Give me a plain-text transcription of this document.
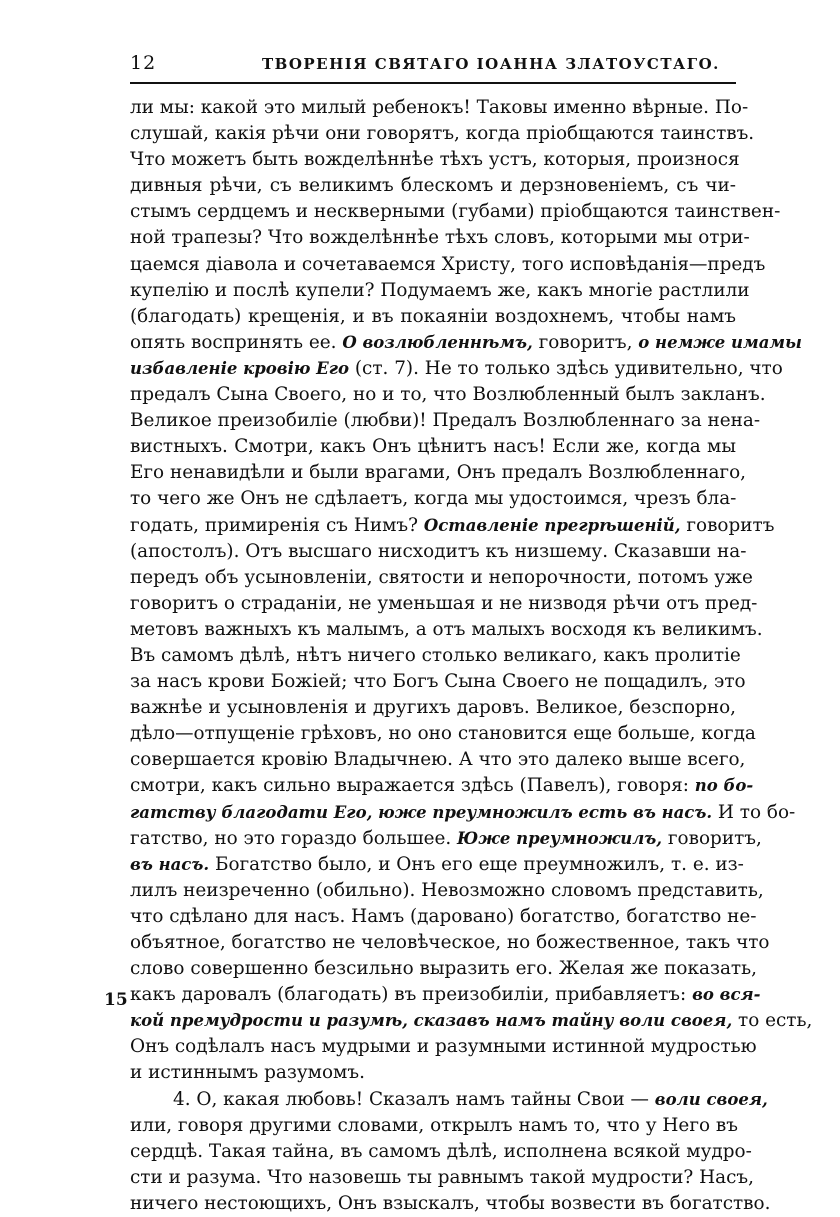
12	ТВОРЕНІЯ СВЯТАГО ІОАННА ЗЛАТОУСТАГО.
15
ли мы: какой это милый ребенокъ! Таковы именно вѣрные. По-
слушай, какія рѣчи они говорятъ, когда пріобщаются таинствъ.
Что можетъ быть вожделѣннѣе тѣхъ устъ, которыя, произнося
дивныя рѣчи, съ великимъ блескомъ и дерзновеніемъ, съ чи-
стымъ сердцемъ и нескверными (губами) пріобщаются таинствен-
ной трапезы? Что вожделѣннѣе тѣхъ словъ, которыми мы отри-
цаемся діавола и сочетаваемся Христу, того исповѣданія—предъ
купелію и послѣ купели? Подумаемъ же, какъ многіе растлили
(благодать) крещенія, и въ покаяніи воздохнемъ, чтобы намъ
опять воспринять ее. О возлюбленнѣмъ, говоритъ, о немже имамы
избавленіе кровію Его (ст. 7). Не то только здѣсь удивительно, что
предалъ Сына Своего, но и то, что Возлюбленный былъ закланъ.
Великое преизобиліе (любви)! Предалъ Возлюбленнаго за нена-
вистныхъ. Смотри, какъ Онъ цѣнитъ насъ! Если же, когда мы
Его ненавидѣли и были врагами, Онъ предалъ Возлюбленнаго,
то чего же Онъ не сдѣлаетъ, когда мы удостоимся, чрезъ бла-
годать, примиренія съ Нимъ? Оставленіе прегрѣшеній, говоритъ
(апостолъ). Отъ высшаго нисходитъ къ низшему. Сказавши на-
передъ объ усыновленіи, святости и непорочности, потомъ уже
говоритъ о страданіи, не уменьшая и не низводя рѣчи отъ пред-
метовъ важныхъ къ малымъ, а отъ малыхъ восходя къ великимъ.
Въ самомъ дѣлѣ, нѣтъ ничего столько великаго, какъ пролитіе
за насъ крови Божіей; что Богъ Сына Своего не пощадилъ, это
важнѣе и усыновленія и другихъ даровъ. Великое, безспорно,
дѣло—отпущеніе грѣховъ, но оно становится еще больше, когда
совершается кровію Владычнею. А что это далеко выше всего,
смотри, какъ сильно выражается здѣсь (Павелъ), говоря: по бо-
гатству благодати Его, юже преумножилъ есть въ насъ. И то бо-
гатство, но это гораздо большее. Юже преумножилъ, говоритъ,
въ насъ. Богатство было, и Онъ его еще преумножилъ, т. е. из-
лилъ неизреченно (обильно). Невозможно словомъ представить,
что сдѣлано для насъ. Намъ (даровано) богатство, богатство не-
объятное, богатство не человѣческое, но божественное, такъ что
слово совершенно безсильно выразить его. Желая же показать,
какъ даровалъ (благодать) въ преизобиліи, прибавляетъ: во вся-
кой премудрости и разумѣ, сказавъ намъ тайну воли своея, то есть,
Онъ содѣлалъ насъ мудрыми и разумными истинной мудростью
и истиннымъ разумомъ.
4. О, какая любовь! Сказалъ намъ тайны Свои — воли своея,
или, говоря другими словами, открылъ намъ то, что у Него въ
сердцѣ. Такая тайна, въ самомъ дѣлѣ, исполнена всякой мудро-
сти и разума. Что назовешь ты равнымъ такой мудрости? Насъ,
ничего нестоющихъ, Онъ взыскалъ, чтобы возвести въ богатство.
